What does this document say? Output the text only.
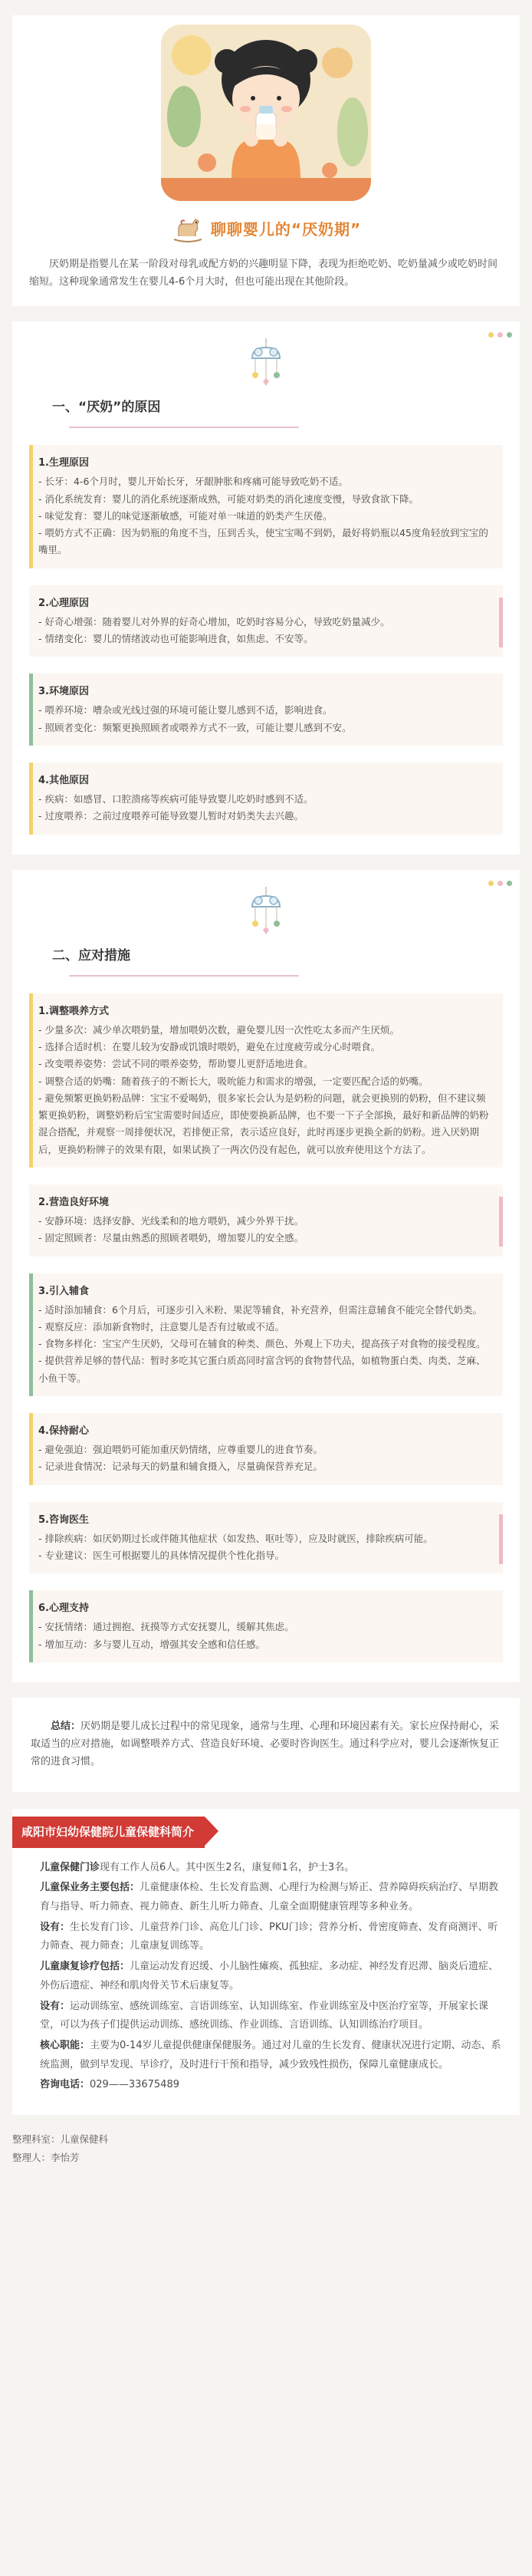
聊聊婴儿的“厌奶期”
厌奶期是指婴儿在某一阶段对母乳或配方奶的兴趣明显下降，表现为拒绝吃奶、吃奶量减少或吃奶时间缩短。这种现象通常发生在婴儿4-6个月大时，但也可能出现在其他阶段。
一、“厌奶”的原因
1.生理原因

- 长牙：4-6个月时，婴儿开始长牙，牙龈肿胀和疼痛可能导致吃奶不适。

- 消化系统发育：婴儿的消化系统逐渐成熟，可能对奶类的消化速度变慢，导致食欲下降。

- 味觉发育：婴儿的味觉逐渐敏感，可能对单一味道的奶类产生厌倦。

- 喂奶方式不正确：因为奶瓶的角度不当，压到舌头，使宝宝喝不到奶，最好将奶瓶以45度角轻放到宝宝的嘴里。

2.心理原因

- 好奇心增强：随着婴儿对外界的好奇心增加，吃奶时容易分心，导致吃奶量减少。

- 情绪变化：婴儿的情绪波动也可能影响进食，如焦虑、不安等。

3.环境原因

- 喂养环境：嘈杂或光线过强的环境可能让婴儿感到不适，影响进食。

- 照顾者变化：频繁更换照顾者或喂养方式不一致，可能让婴儿感到不安。

4.其他原因

- 疾病：如感冒、口腔溃疡等疾病可能导致婴儿吃奶时感到不适。

- 过度喂养：之前过度喂养可能导致婴儿暂时对奶类失去兴趣。

二、应对措施
1.调整喂养方式

- 少量多次：减少单次喂奶量，增加喂奶次数，避免婴儿因一次性吃太多而产生厌烦。

- 选择合适时机：在婴儿较为安静或饥饿时喂奶，避免在过度疲劳或分心时喂食。

- 改变喂养姿势：尝试不同的喂养姿势，帮助婴儿更舒适地进食。

- 调整合适的奶嘴：随着孩子的不断长大，吸吮能力和需求的增强，一定要匹配合适的奶嘴。

- 避免频繁更换奶粉品牌：宝宝不爱喝奶，很多家长会认为是奶粉的问题，就会更换别的奶粉，但不建议频繁更换奶粉，调整奶粉后宝宝需要时间适应，即使要换新品牌，也不要一下子全部换，最好和新品牌的奶粉混合搭配，并观察一周排便状况，若排便正常，表示适应良好，此时再逐步更换全新的奶粉。进入厌奶期后，更换奶粉牌子的效果有限，如果试换了一两次仍没有起色，就可以放弃使用这个方法了。

2.营造良好环境

- 安静环境：选择安静、光线柔和的地方喂奶，减少外界干扰。

- 固定照顾者：尽量由熟悉的照顾者喂奶，增加婴儿的安全感。

3.引入辅食

- 适时添加辅食：6个月后，可逐步引入米粉、果泥等辅食，补充营养，但需注意辅食不能完全替代奶类。

- 观察反应：添加新食物时，注意婴儿是否有过敏或不适。

- 食物多样化：宝宝产生厌奶，父母可在辅食的种类、颜色、外观上下功夫，提高孩子对食物的接受程度。

- 提供营养足够的替代品：暂时多吃其它蛋白质高同时富含钙的食物替代品，如植物蛋白类、肉类、芝麻、小鱼干等。

4.保持耐心

- 避免强迫：强迫喂奶可能加重厌奶情绪，应尊重婴儿的进食节奏。

- 记录进食情况：记录每天的奶量和辅食摄入，尽量确保营养充足。

5.咨询医生

- 排除疾病：如厌奶期过长或伴随其他症状（如发热、呕吐等），应及时就医，排除疾病可能。

- 专业建议：医生可根据婴儿的具体情况提供个性化指导。

6.心理支持

- 安抚情绪：通过拥抱、抚摸等方式安抚婴儿，缓解其焦虑。

- 增加互动：多与婴儿互动，增强其安全感和信任感。

总结：厌奶期是婴儿成长过程中的常见现象，通常与生理、心理和环境因素有关。家长应保持耐心，采取适当的应对措施，如调整喂养方式、营造良好环境、必要时咨询医生。通过科学应对，婴儿会逐渐恢复正常的进食习惯。

咸阳市妇幼保健院儿童保健科简介

儿童保健门诊现有工作人员6人。其中医生2名，康复师1名，护士3名。

儿童保业务主要包括：儿童健康体检、生长发育监测、心理行为检测与矫正、营养障碍疾病治疗、早期教育与指导、听力筛查、视力筛查、新生儿听力筛查、儿童全面期健康管理等多种业务。

设有：生长发育门诊、儿童营养门诊、高危儿门诊、PKU门诊；营养分析、骨密度筛查、发育商测评、听力筛查、视力筛查；儿童康复训练等。

儿童康复诊疗包括：儿童运动发育迟缓、小儿脑性瘫痪、孤独症、多动症、神经发育迟滞、脑炎后遗症、外伤后遗症、神经和肌肉骨关节术后康复等。

设有：运动训练室、感统训练室、言语训练室、认知训练室、作业训练室及中医治疗室等，开展家长课堂，可以为孩子们提供运动训练、感统训练、作业训练、言语训练、认知训练治疗项目。

核心职能：主要为0-14岁儿童提供健康保健服务。通过对儿童的生长发育、健康状况进行定期、动态、系统监测，做到早发现、早诊疗，及时进行干预和指导，减少致残性损伤，保障儿童健康成长。

咨询电话：029——33675489

整理科室：儿童保健科
整理人：李怡芳
